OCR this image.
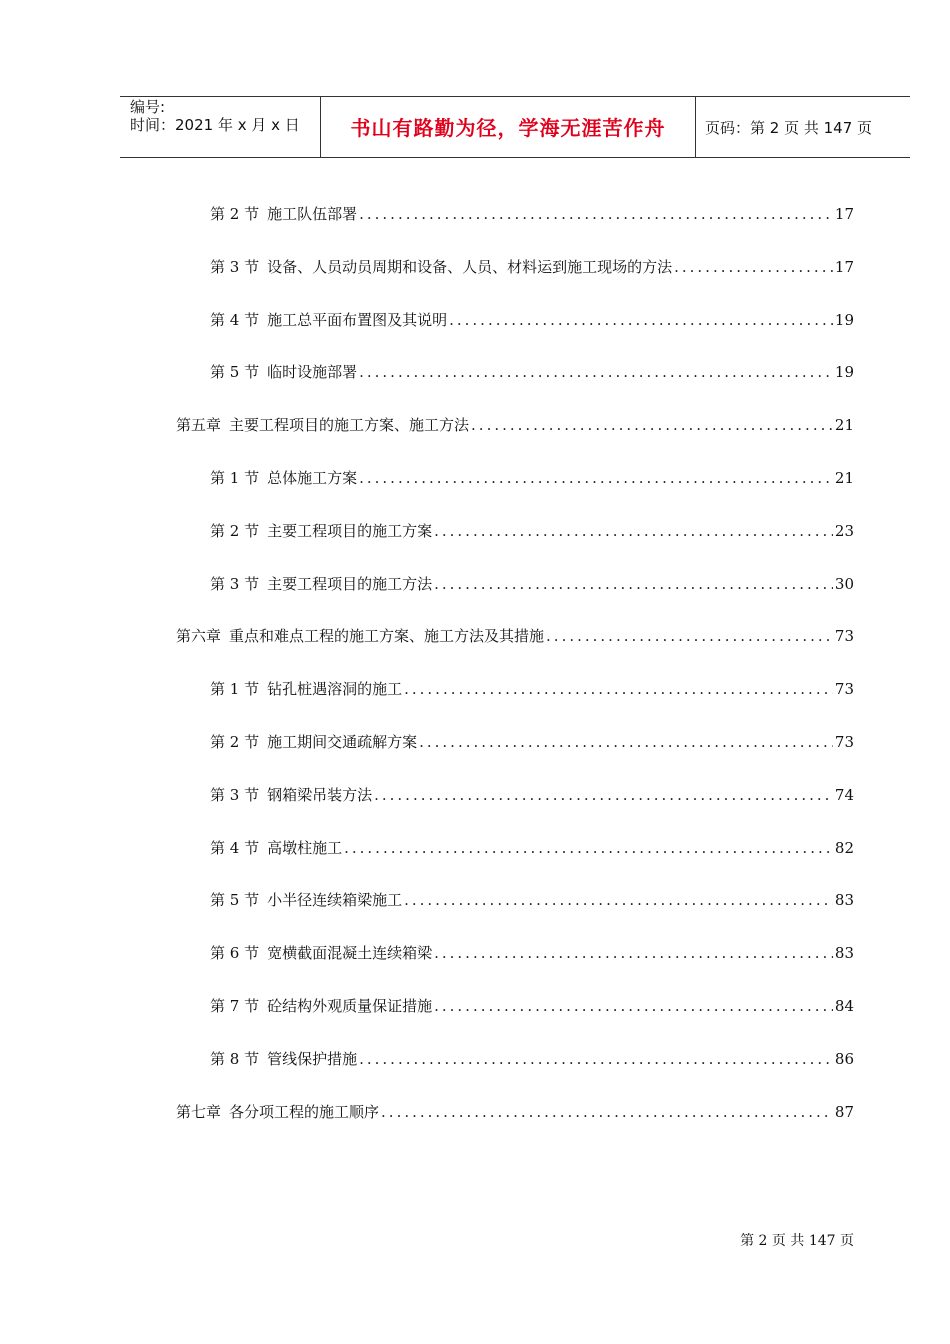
编号:
时间：2021 年 x 月 x 日	书山有路勤为径，学海无涯苦作舟	页码：第 2 页 共 147 页
第 2 节 施工队伍部署 .....	17
第 3 节 设备、人员动员周期和设备、人员、材料运到施工现场的方法 .....	17
第 4 节 施工总平面布置图及其说明 .....	19
第 5 节 临时设施部署 .....	19
第五章 主要工程项目的施工方案、施工方法 .....	21
第 1 节 总体施工方案 .....	21
第 2 节 主要工程项目的施工方案 .....	23
第 3 节 主要工程项目的施工方法 .....	30
第六章 重点和难点工程的施工方案、施工方法及其措施 .....	73
第 1 节 钻孔桩遇溶洞的施工 .....	73
第 2 节 施工期间交通疏解方案 .....	73
第 3 节 钢箱梁吊装方法 .....	74
第 4 节 高墩柱施工 .....	82
第 5 节 小半径连续箱梁施工 .....	83
第 6 节 宽横截面混凝土连续箱梁 .....	83
第 7 节 砼结构外观质量保证措施 .....	84
第 8 节 管线保护措施 .....	86
第七章 各分项工程的施工顺序 .....	87
第 2 页 共 147 页
